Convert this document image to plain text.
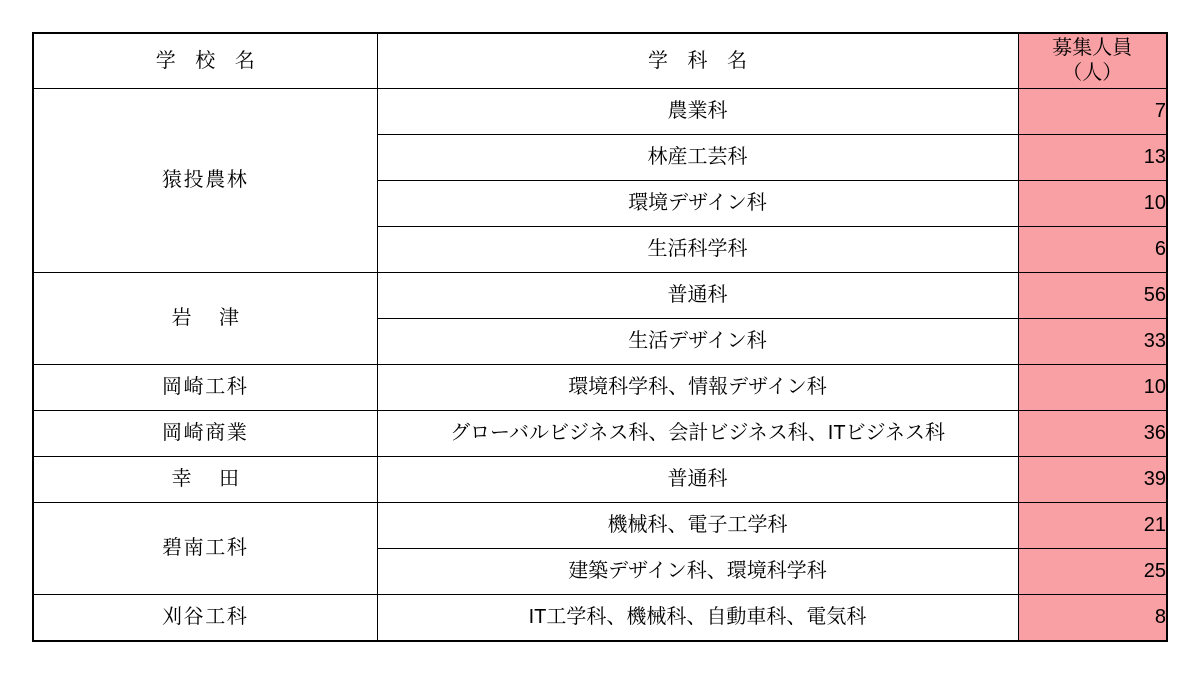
学 校 名	学 科 名	募集人員
（人）

猿投農林	農業科	7
	林産工芸科	13
	環境デザイン科	10
	生活科学科	6
岩 津	普通科	56
	生活デザイン科	33
岡崎工科	環境科学科、情報デザイン科	10
岡崎商業	グローバルビジネス科、会計ビジネス科、ITビジネス科	36
幸 田	普通科	39
碧南工科	機械科、電子工学科	21
	建築デザイン科、環境科学科	25
刈谷工科	IT工学科、機械科、自動車科、電気科	8
